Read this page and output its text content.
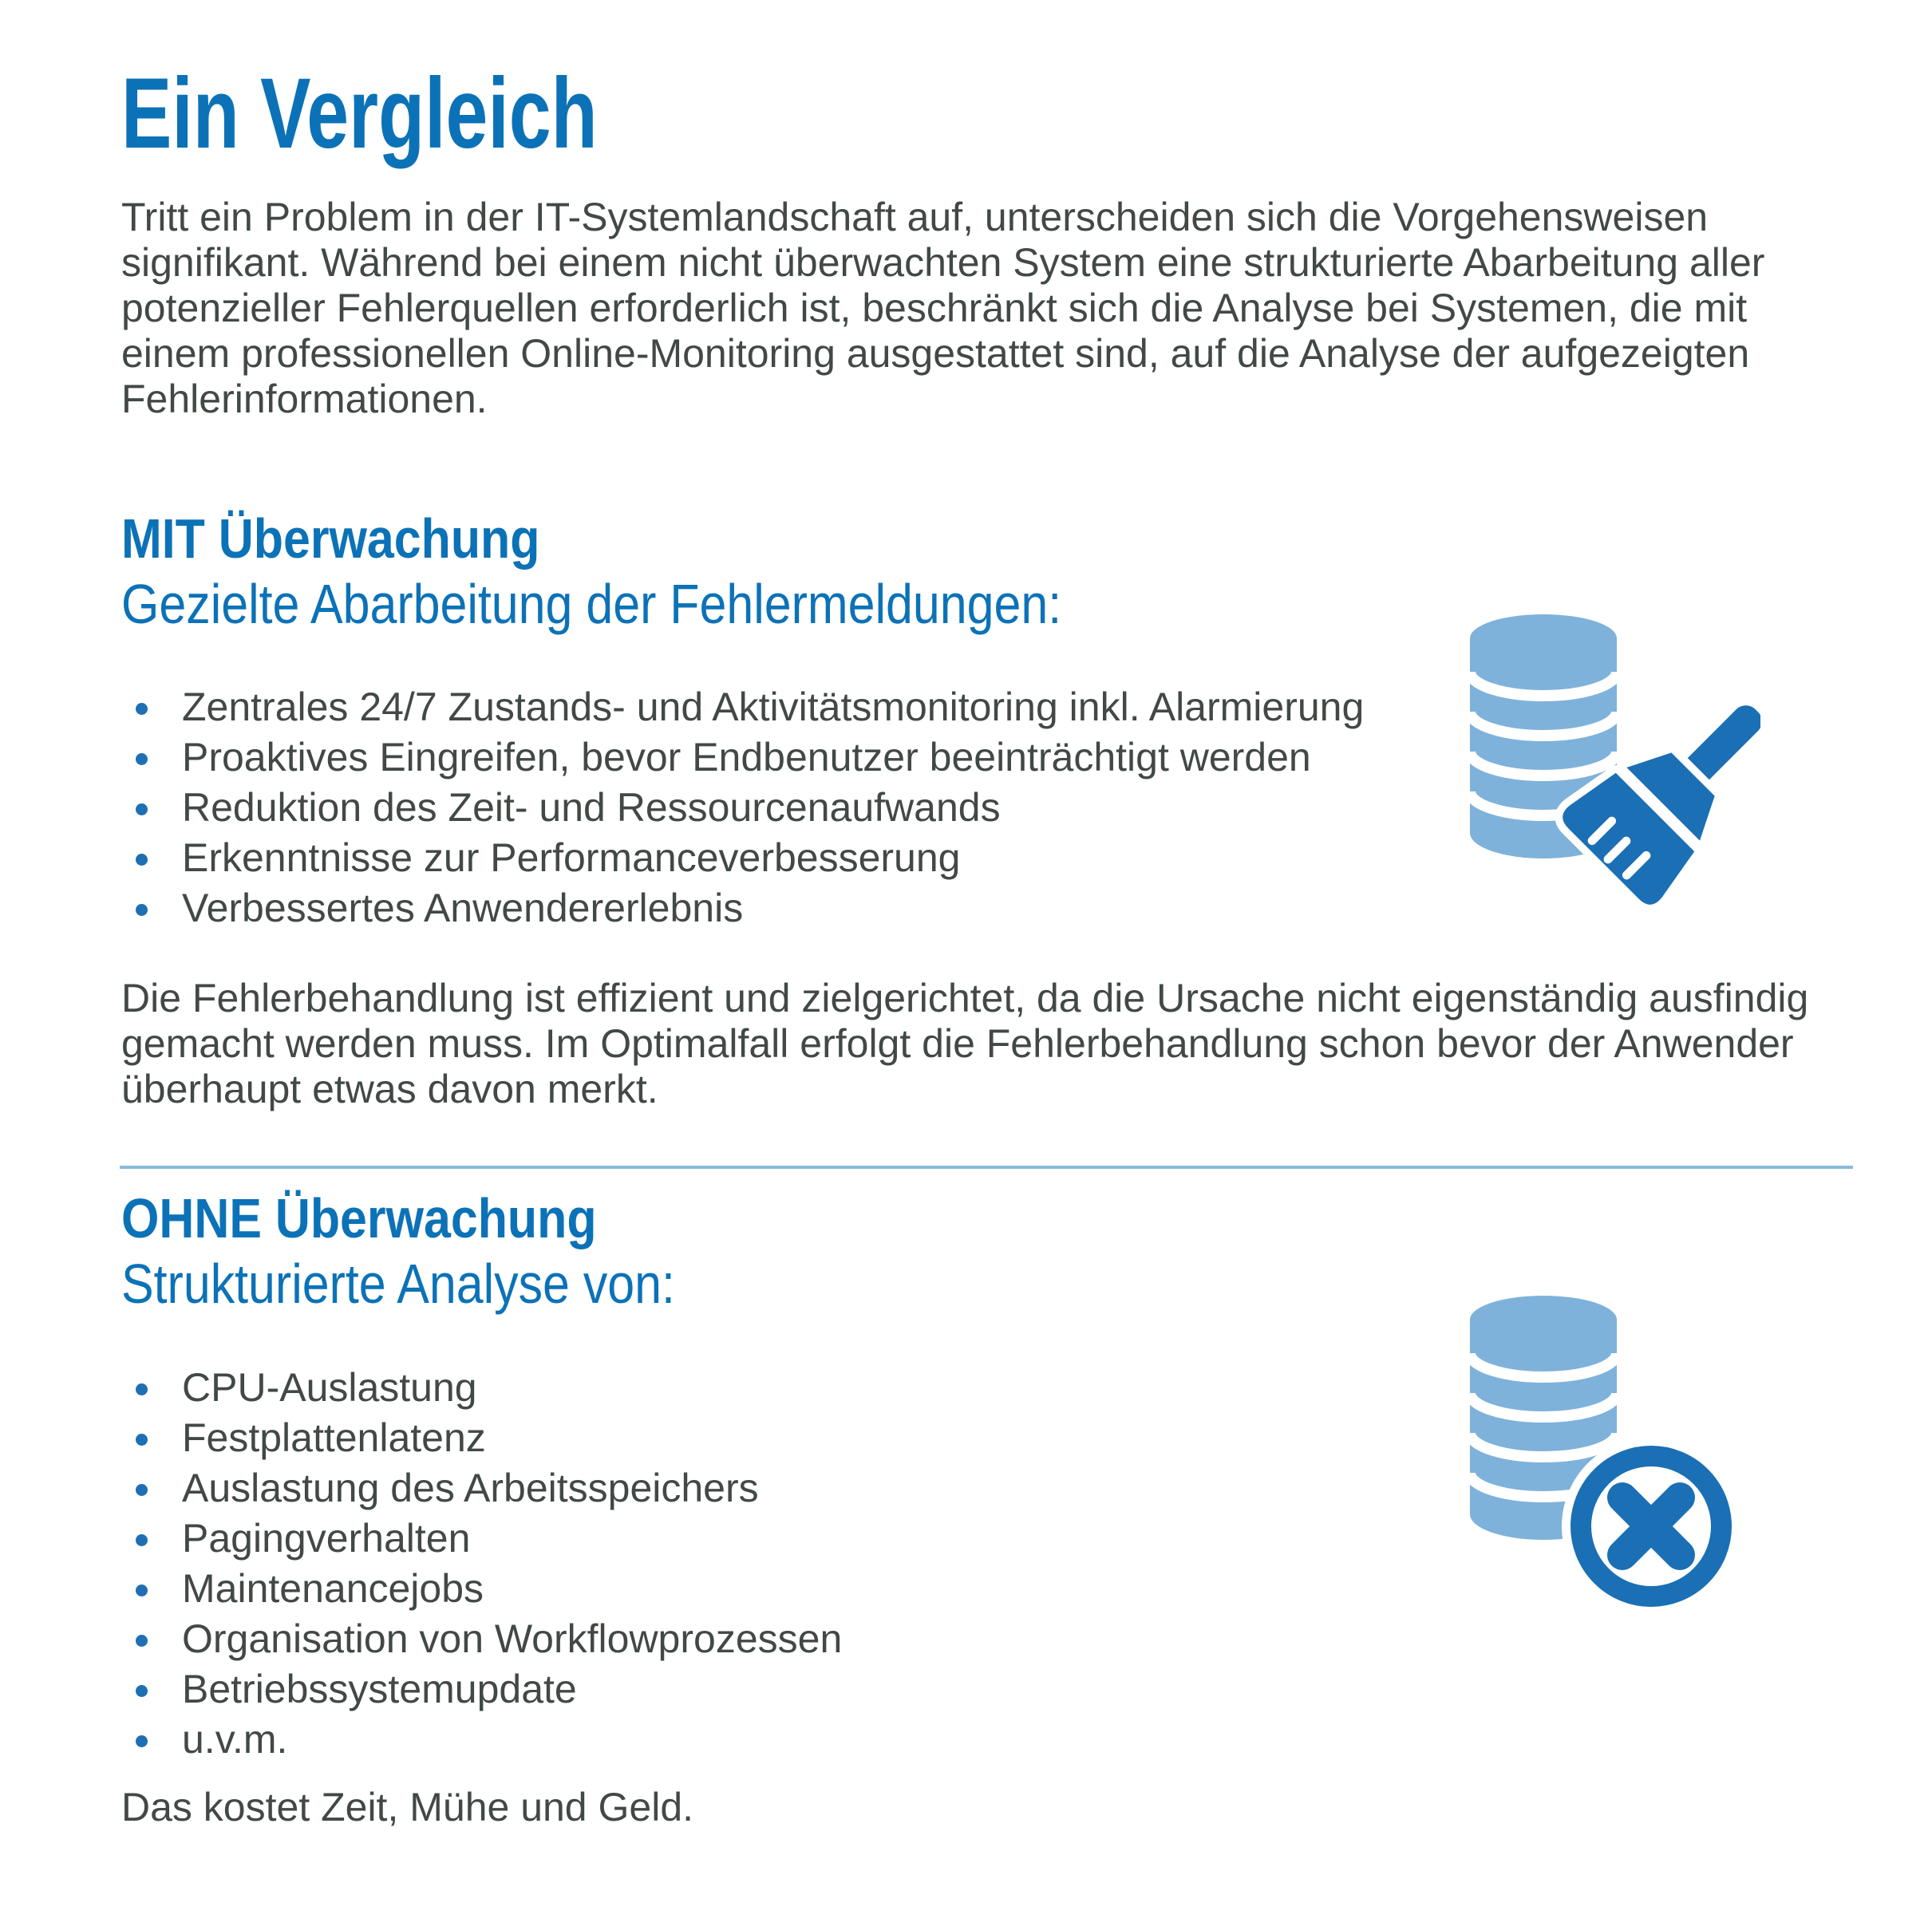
Ein Vergleich

Tritt ein Problem in der IT-Systemlandschaft auf, unterscheiden sich die Vorgehensweisen signifikant. Während bei einem nicht überwachten System eine strukturierte Abarbeitung aller potenzieller Fehlerquellen erforderlich ist, beschränkt sich die Analyse bei Systemen, die mit einem professionellen Online-Monitoring ausgestattet sind, auf die Analyse der aufgezeigten Fehlerinformationen.

MIT Überwachung
Gezielte Abarbeitung der Fehlermeldungen:
Zentrales 24/7 Zustands- und Aktivitätsmonitoring inkl. Alarmierung
Proaktives Eingreifen, bevor Endbenutzer beeinträchtigt werden
Reduktion des Zeit- und Ressourcenaufwands
Erkenntnisse zur Performanceverbesserung
Verbessertes Anwendererlebnis

Die Fehlerbehandlung ist effizient und zielgerichtet, da die Ursache nicht eigenständig ausfindig gemacht werden muss. Im Optimalfall erfolgt die Fehlerbehandlung schon bevor der Anwender überhaupt etwas davon merkt.

OHNE Überwachung
Strukturierte Analyse von:
CPU-Auslastung
Festplattenlatenz
Auslastung des Arbeitsspeichers
Pagingverhalten
Maintenancejobs
Organisation von Workflowprozessen
Betriebssystemupdate
u.v.m.

Das kostet Zeit, Mühe und Geld.
